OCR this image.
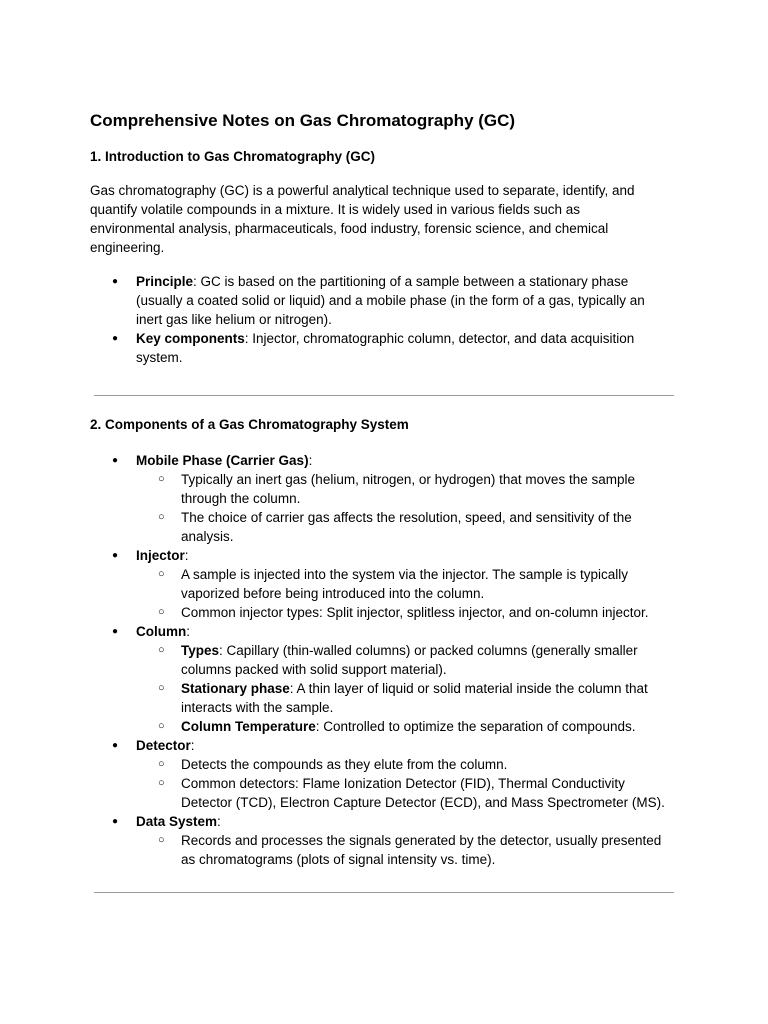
Comprehensive Notes on Gas Chromatography (GC)
1. Introduction to Gas Chromatography (GC)

Gas chromatography (GC) is a powerful analytical technique used to separate, identify, and
quantify volatile compounds in a mixture. It is widely used in various fields such as
environmental analysis, pharmaceuticals, food industry, forensic science, and chemical
engineering.

● Principle: GC is based on the partitioning of a sample between a stationary phase
(usually a coated solid or liquid) and a mobile phase (in the form of a gas, typically an
inert gas like helium or nitrogen).
● Key components: Injector, chromatographic column, detector, and data acquisition
system.
2. Components of a Gas Chromatography System
● Mobile Phase (Carrier Gas):
○ Typically an inert gas (helium, nitrogen, or hydrogen) that moves the sample
through the column.
○ The choice of carrier gas affects the resolution, speed, and sensitivity of the
analysis.
● Injector:
○ A sample is injected into the system via the injector. The sample is typically
vaporized before being introduced into the column.
○ Common injector types: Split injector, splitless injector, and on-column injector.
● Column:
○ Types: Capillary (thin-walled columns) or packed columns (generally smaller
columns packed with solid support material).
○ Stationary phase: A thin layer of liquid or solid material inside the column that
interacts with the sample.
○ Column Temperature: Controlled to optimize the separation of compounds.
● Detector:
○ Detects the compounds as they elute from the column.
○ Common detectors: Flame Ionization Detector (FID), Thermal Conductivity
Detector (TCD), Electron Capture Detector (ECD), and Mass Spectrometer (MS).
● Data System:
○ Records and processes the signals generated by the detector, usually presented
as chromatograms (plots of signal intensity vs. time).
